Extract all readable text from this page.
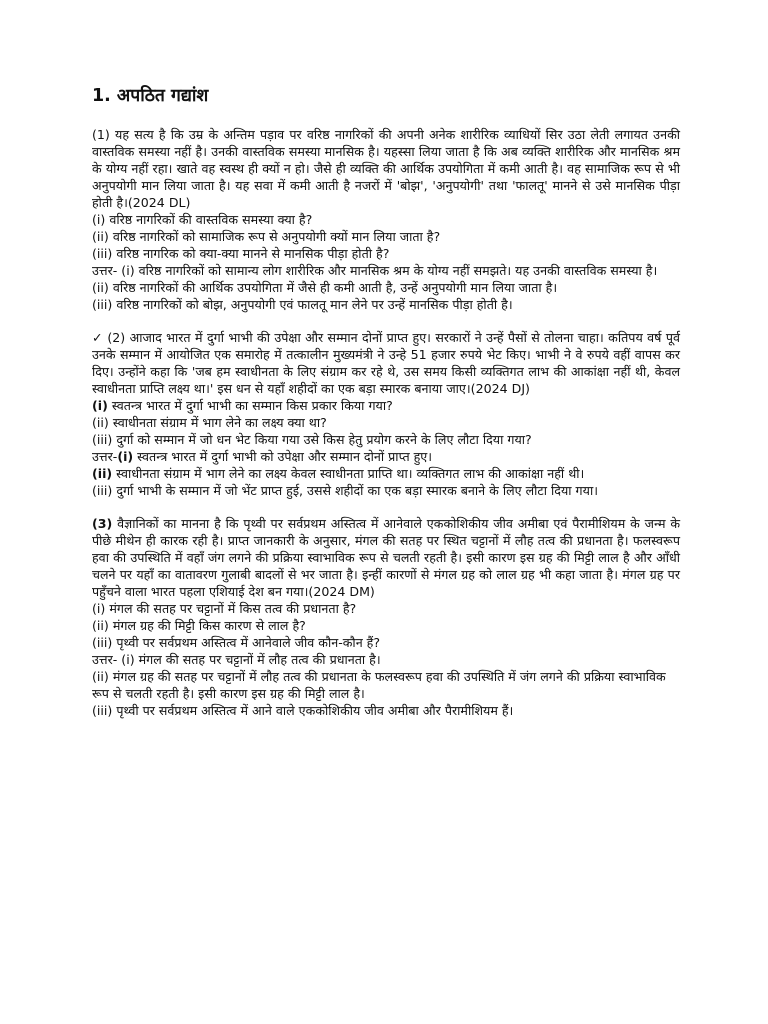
1. अपठित गद्यांश

(1) यह सत्य है कि उम्र के अन्तिम पड़ाव पर वरिष्ठ नागरिकों की अपनी अनेक शारीरिक व्याधियों सिर उठा लेती लगायत उनकी वास्तविक समस्या नहीं है। उनकी वास्तविक समस्या मानसिक है। यहस्सा लिया जाता है कि अब व्यक्ति शारीरिक और मानसिक श्रम के योग्य नहीं रहा। खाते वह स्वस्थ ही क्यों न हो। जैसे ही व्यक्ति की आर्थिक उपयोगिता में कमी आती है। वह सामाजिक रूप से भी अनुपयोगी मान लिया जाता है। यह सवा में कमी आती है नजरों में 'बोझ', 'अनुपयोगी' तथा 'फालतू' मानने से उसे मानसिक पीड़ा होती है।(2024 DL)

(i) वरिष्ठ नागरिकों की वास्तविक समस्या क्या है?

(ii) वरिष्ठ नागरिकों को सामाजिक रूप से अनुपयोगी क्यों मान लिया जाता है?

(iii) वरिष्ठ नागरिक को क्या-क्या मानने से मानसिक पीड़ा होती है?

उत्तर- (i) वरिष्ठ नागरिकों को सामान्य लोग शारीरिक और मानसिक श्रम के योग्य नहीं समझते। यह उनकी वास्तविक समस्या है।

(ii) वरिष्ठ नागरिकों की आर्थिक उपयोगिता में जैसे ही कमी आती है, उन्हें अनुपयोगी मान लिया जाता है।

(iii) वरिष्ठ नागरिकों को बोझ, अनुपयोगी एवं फालतू मान लेने पर उन्हें मानसिक पीड़ा होती है।

✓ (2) आजाद भारत में दुर्गा भाभी की उपेक्षा और सम्मान दोनों प्राप्त हुए। सरकारों ने उन्हें पैसों से तोलना चाहा। कतिपय वर्ष पूर्व उनके सम्मान में आयोजित एक समारोह में तत्कालीन मुख्यमंत्री ने उन्हे 51 हजार रुपये भेट किए। भाभी ने वे रुपये वहीं वापस कर दिए। उन्होंने कहा कि 'जब हम स्वाधीनता के लिए संग्राम कर रहे थे, उस समय किसी व्यक्तिगत लाभ की आकांक्षा नहीं थी, केवल स्वाधीनता प्राप्ति लक्ष्य था।' इस धन से यहाँ शहीदों का एक बड़ा स्मारक बनाया जाए।(2024 DJ)

(i) स्वतन्त्र भारत में दुर्गा भाभी का सम्मान किस प्रकार किया गया?

(ii) स्वाधीनता संग्राम में भाग लेने का लक्ष्य क्या था?

(iii) दुर्गा को सम्मान में जो धन भेट किया गया उसे किस हेतु प्रयोग करने के लिए लौटा दिया गया?

उत्तर-(i) स्वतन्त्र भारत में दुर्गा भाभी को उपेक्षा और सम्मान दोनों प्राप्त हुए।

(ii) स्वाधीनता संग्राम में भाग लेने का लक्ष्य केवल स्वाधीनता प्राप्ति था। व्यक्तिगत लाभ की आकांक्षा नहीं थी।

(iii) दुर्गा भाभी के सम्मान में जो भेंट प्राप्त हुई, उससे शहीदों का एक बड़ा स्मारक बनाने के लिए लौटा दिया गया।

(3) वैज्ञानिकों का मानना है कि पृथ्वी पर सर्वप्रथम अस्तित्व में आनेवाले एककोशिकीय जीव अमीबा एवं पैरामीशियम के जन्म के पीछे मीथेन ही कारक रही है। प्राप्त जानकारी के अनुसार, मंगल की सतह पर स्थित चट्टानों में लौह तत्व की प्रधानता है। फलस्वरूप हवा की उपस्थिति में वहाँ जंग लगने की प्रक्रिया स्वाभाविक रूप से चलती रहती है। इसी कारण इस ग्रह की मिट्टी लाल है और आँधी चलने पर यहाँ का वातावरण गुलाबी बादलों से भर जाता है। इन्हीं कारणों से मंगल ग्रह को लाल ग्रह भी कहा जाता है। मंगल ग्रह पर पहुँचने वाला भारत पहला एशियाई देश बन गया।(2024 DM)

(i) मंगल की सतह पर चट्टानों में किस तत्व की प्रधानता है?

(ii) मंगल ग्रह की मिट्टी किस कारण से लाल है?

(iii) पृथ्वी पर सर्वप्रथम अस्तित्व में आनेवाले जीव कौन-कौन हैं?

उत्तर- (i) मंगल की सतह पर चट्टानों में लौह तत्व की प्रधानता है।

(ii) मंगल ग्रह की सतह पर चट्टानों में लौह तत्व की प्रधानता के फलस्वरूप हवा की उपस्थिति में जंग लगने की प्रक्रिया स्वाभाविक रूप से चलती रहती है। इसी कारण इस ग्रह की मिट्टी लाल है।

(iii) पृथ्वी पर सर्वप्रथम अस्तित्व में आने वाले एककोशिकीय जीव अमीबा और पैरामीशियम हैं।
